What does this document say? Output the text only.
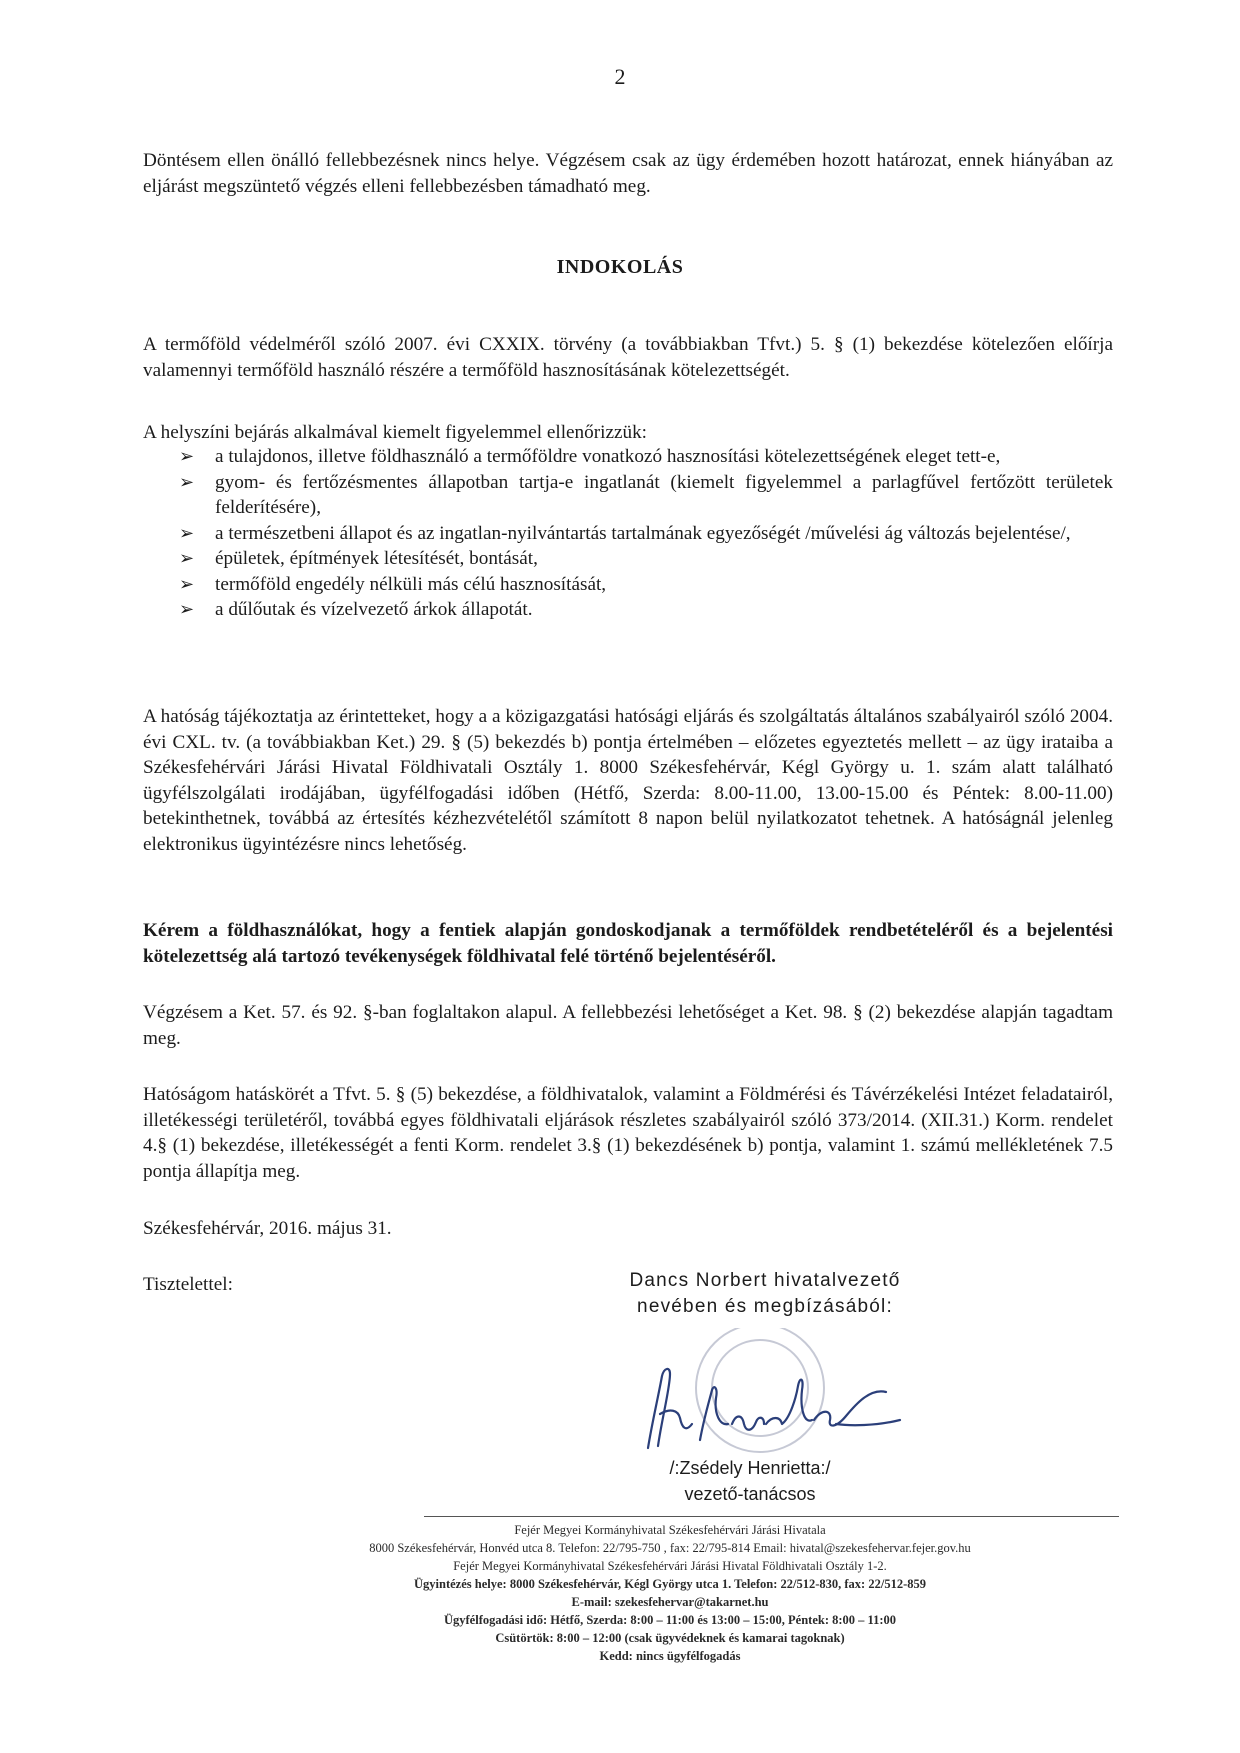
2

Döntésem ellen önálló fellebbezésnek nincs helye. Végzésem csak az ügy érdemében hozott határozat, ennek hiányában az eljárást megszüntető végzés elleni fellebbezésben támadható meg.

INDOKOLÁS

A termőföld védelméről szóló 2007. évi CXXIX. törvény (a továbbiakban Tfvt.) 5. § (1) bekezdése kötelezően előírja valamennyi termőföld használó részére a termőföld hasznosításának kötelezettségét.

A helyszíni bejárás alkalmával kiemelt figyelemmel ellenőrizzük:
➢ a tulajdonos, illetve földhasználó a termőföldre vonatkozó hasznosítási kötelezettségének eleget tett-e,
➢ gyom- és fertőzésmentes állapotban tartja-e ingatlanát (kiemelt figyelemmel a parlagfűvel fertőzött területek felderítésére),
➢ a természetbeni állapot és az ingatlan-nyilvántartás tartalmának egyezőségét /művelési ág változás bejelentése/,
➢ épületek, építmények létesítését, bontását,
➢ termőföld engedély nélküli más célú hasznosítását,
➢ a dűlőutak és vízelvezető árkok állapotát.

A hatóság tájékoztatja az érintetteket, hogy a a közigazgatási hatósági eljárás és szolgáltatás általános szabályairól szóló 2004. évi CXL. tv. (a továbbiakban Ket.) 29. § (5) bekezdés b) pontja értelmében – előzetes egyeztetés mellett – az ügy irataiba a Székesfehérvári Járási Hivatal Földhivatali Osztály 1. 8000 Székesfehérvár, Kégl György u. 1. szám alatt található ügyfélszolgálati irodájában, ügyfélfogadási időben (Hétfő, Szerda: 8.00-11.00, 13.00-15.00 és Péntek: 8.00-11.00) betekinthetnek, továbbá az értesítés kézhezvételétől számított 8 napon belül nyilatkozatot tehetnek. A hatóságnál jelenleg elektronikus ügyintézésre nincs lehetőség.

Kérem a földhasználókat, hogy a fentiek alapján gondoskodjanak a termőföldek rendbetételéről és a bejelentési kötelezettség alá tartozó tevékenységek földhivatal felé történő bejelentéséről.

Végzésem a Ket. 57. és 92. §-ban foglaltakon alapul. A fellebbezési lehetőséget a Ket. 98. § (2) bekezdése alapján tagadtam meg.

Hatóságom hatáskörét a Tfvt. 5. § (5) bekezdése, a földhivatalok, valamint a Földmérési és Távérzékelési Intézet feladatairól, illetékességi területéről, továbbá egyes földhivatali eljárások részletes szabályairól szóló 373/2014. (XII.31.) Korm. rendelet 4.§ (1) bekezdése, illetékességét a fenti Korm. rendelet 3.§ (1) bekezdésének b) pontja, valamint 1. számú mellékletének 7.5 pontja állapítja meg.

Székesfehérvár, 2016. május 31.

Tisztelettel:	Dancs Norbert hivatalvezető
nevében és megbízásából:
/:Zsédely Henrietta:/
vezető-tanácsos
Fejér Megyei Kormányhivatal Székesfehérvári Járási Hivatala
8000 Székesfehérvár, Honvéd utca 8. Telefon: 22/795-750 , fax: 22/795-814 Email: hivatal@szekesfehervar.fejer.gov.hu
Fejér Megyei Kormányhivatal Székesfehérvári Járási Hivatal Földhivatali Osztály 1-2.
Ügyintézés helye: 8000 Székesfehérvár, Kégl György utca 1. Telefon: 22/512-830, fax: 22/512-859
E-mail: szekesfehervar@takarnet.hu
Ügyfélfogadási idő: Hétfő, Szerda: 8:00 – 11:00 és 13:00 – 15:00, Péntek: 8:00 – 11:00
Csütörtök: 8:00 – 12:00 (csak ügyvédeknek és kamarai tagoknak)
Kedd: nincs ügyfélfogadás
